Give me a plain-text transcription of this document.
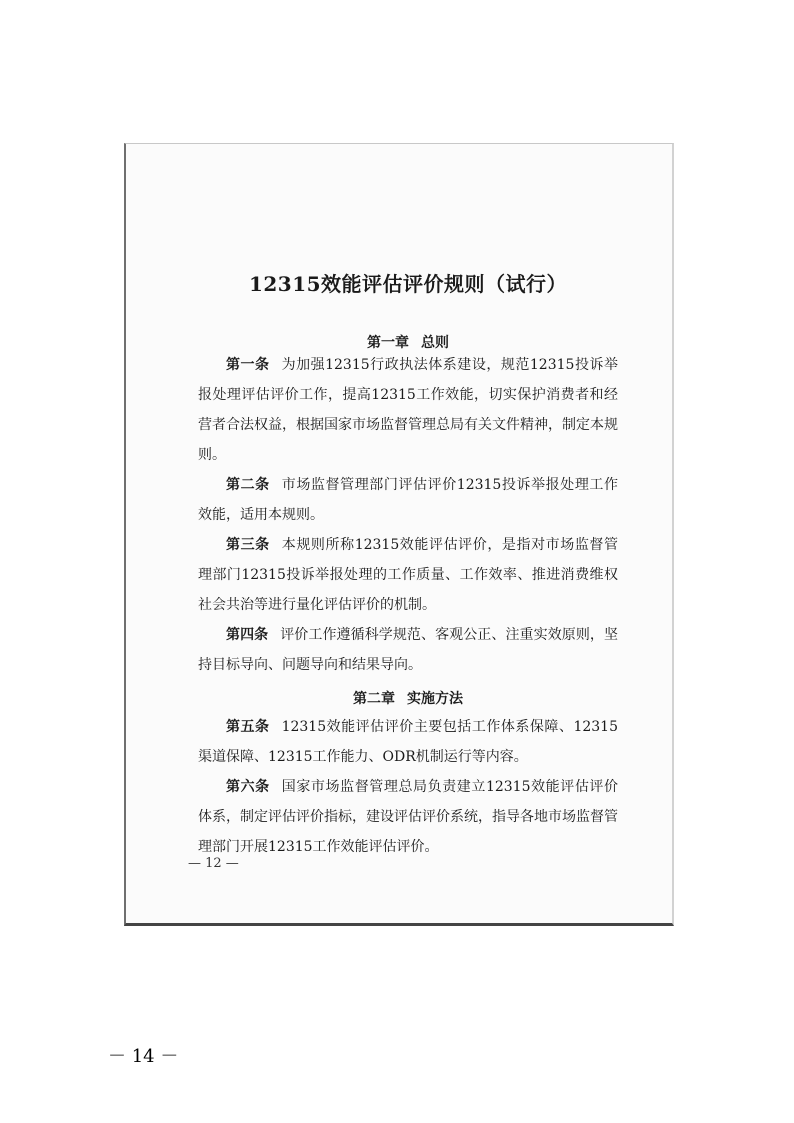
12315效能评估评价规则（试行）
第一章 总则

第一条 为加强12315行政执法体系建设，规范12315投诉举报处理评估评价工作，提高12315工作效能，切实保护消费者和经营者合法权益，根据国家市场监督管理总局有关文件精神，制定本规则。

第二条 市场监督管理部门评估评价12315投诉举报处理工作效能，适用本规则。

第三条 本规则所称12315效能评估评价，是指对市场监督管理部门12315投诉举报处理的工作质量、工作效率、推进消费维权社会共治等进行量化评估评价的机制。

第四条 评价工作遵循科学规范、客观公正、注重实效原则，坚持目标导向、问题导向和结果导向。

第二章 实施方法

第五条 12315效能评估评价主要包括工作体系保障、12315渠道保障、12315工作能力、ODR机制运行等内容。

第六条 国家市场监督管理总局负责建立12315效能评估评价体系，制定评估评价指标，建设评估评价系统，指导各地市场监督管理部门开展12315工作效能评估评价。

— 12 —
－ 14 －
